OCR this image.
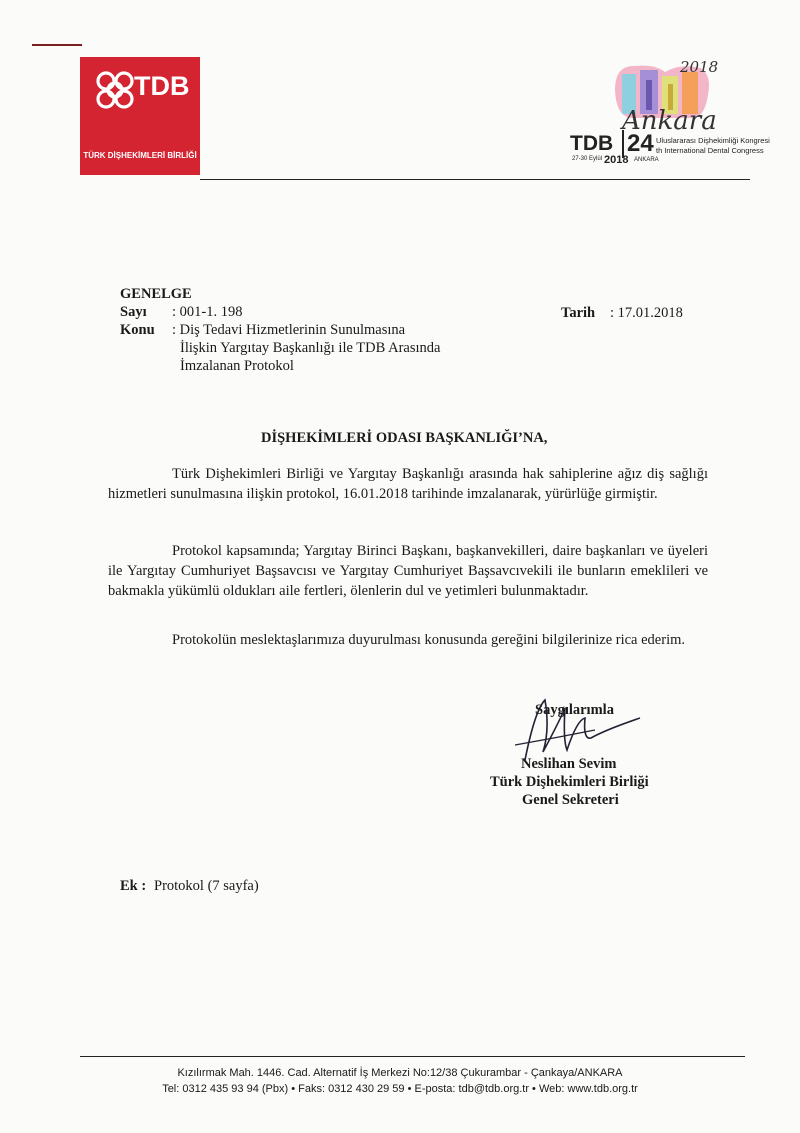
TDB
TÜRK DİŞHEKİMLERİ BİRLİĞİ
2018
Ankara
TDB 24 Uluslararası Dişhekimliği Kongresi
th International Dental Congress
27-30 Eylül 2018 ANKARA
GENELGE
Sayı : 001-1. 198
Konu : Diş Tedavi Hizmetlerinin Sunulmasına
İlişkin Yargıtay Başkanlığı ile TDB Arasında
İmzalanan Protokol
Tarih : 17.01.2018
DİŞHEKİMLERİ ODASI BAŞKANLIĞI’NA,
Türk Dişhekimleri Birliği ve Yargıtay Başkanlığı arasında hak sahiplerine ağız diş sağlığı hizmetleri sunulmasına ilişkin protokol, 16.01.2018 tarihinde imzalanarak, yürürlüğe girmiştir.
Protokol kapsamında; Yargıtay Birinci Başkanı, başkanvekilleri, daire başkanları ve üyeleri ile Yargıtay Cumhuriyet Başsavcısı ve Yargıtay Cumhuriyet Başsavcıvekili ile bunların emeklileri ve bakmakla yükümlü oldukları aile fertleri, ölenlerin dul ve yetimleri bulunmaktadır.
Protokolün meslektaşlarımıza duyurulması konusunda gereğini bilgilerinize rica ederim.
Saygılarımla
Neslihan Sevim
Türk Dişhekimleri Birliği
Genel Sekreteri
Ek : Protokol (7 sayfa)
Kızılırmak Mah. 1446. Cad. Alternatif İş Merkezi No:12/38 Çukurambar - Çankaya/ANKARA
Tel: 0312 435 93 94 (Pbx) • Faks: 0312 430 29 59 • E-posta: tdb@tdb.org.tr • Web: www.tdb.org.tr
